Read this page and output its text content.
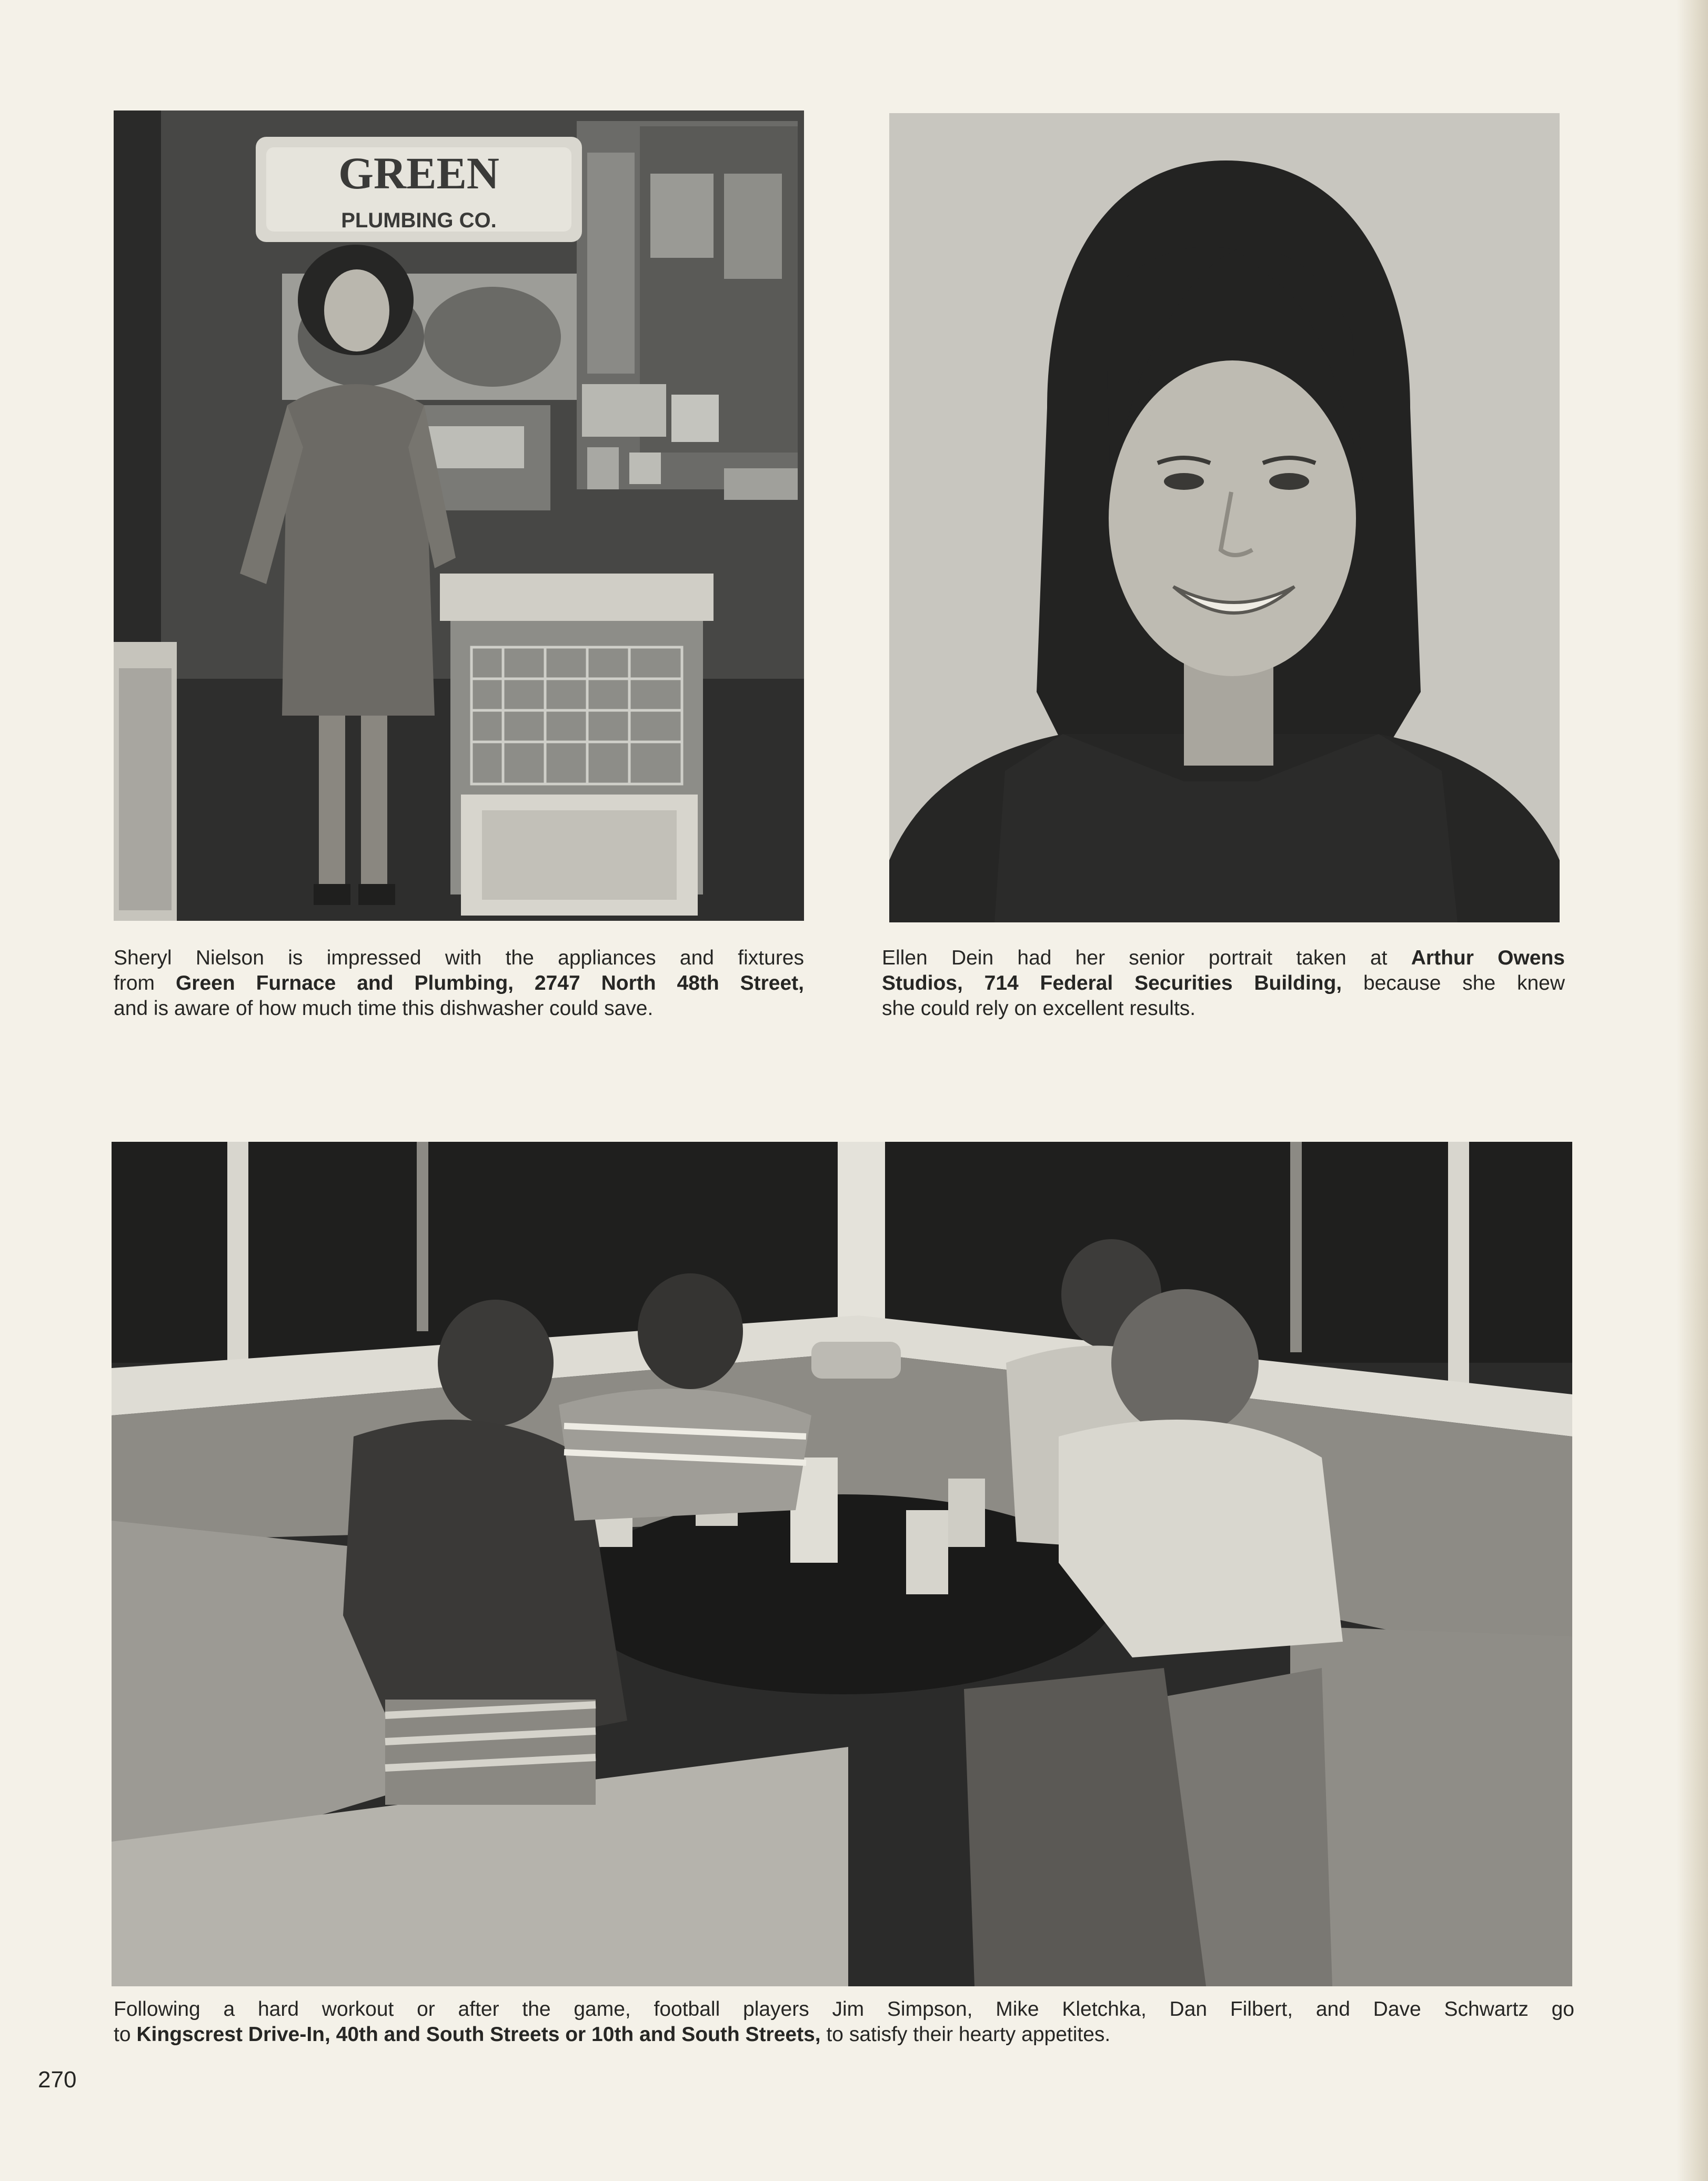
GREEN
PLUMBING CO.

Sheryl Nielson is impressed with the appliances and fixtures
from Green Furnace and Plumbing, 2747 North 48th Street,
and is aware of how much time this dishwasher could save.

Ellen Dein had her senior portrait taken at Arthur Owens
Studios, 714 Federal Securities Building, because she knew
she could rely on excellent results.

Following a hard workout or after the game, football players Jim Simpson, Mike Kletchka, Dan Filbert, and Dave Schwartz go
to Kingscrest Drive-In, 40th and South Streets or 10th and South Streets, to satisfy their hearty appetites.

270
